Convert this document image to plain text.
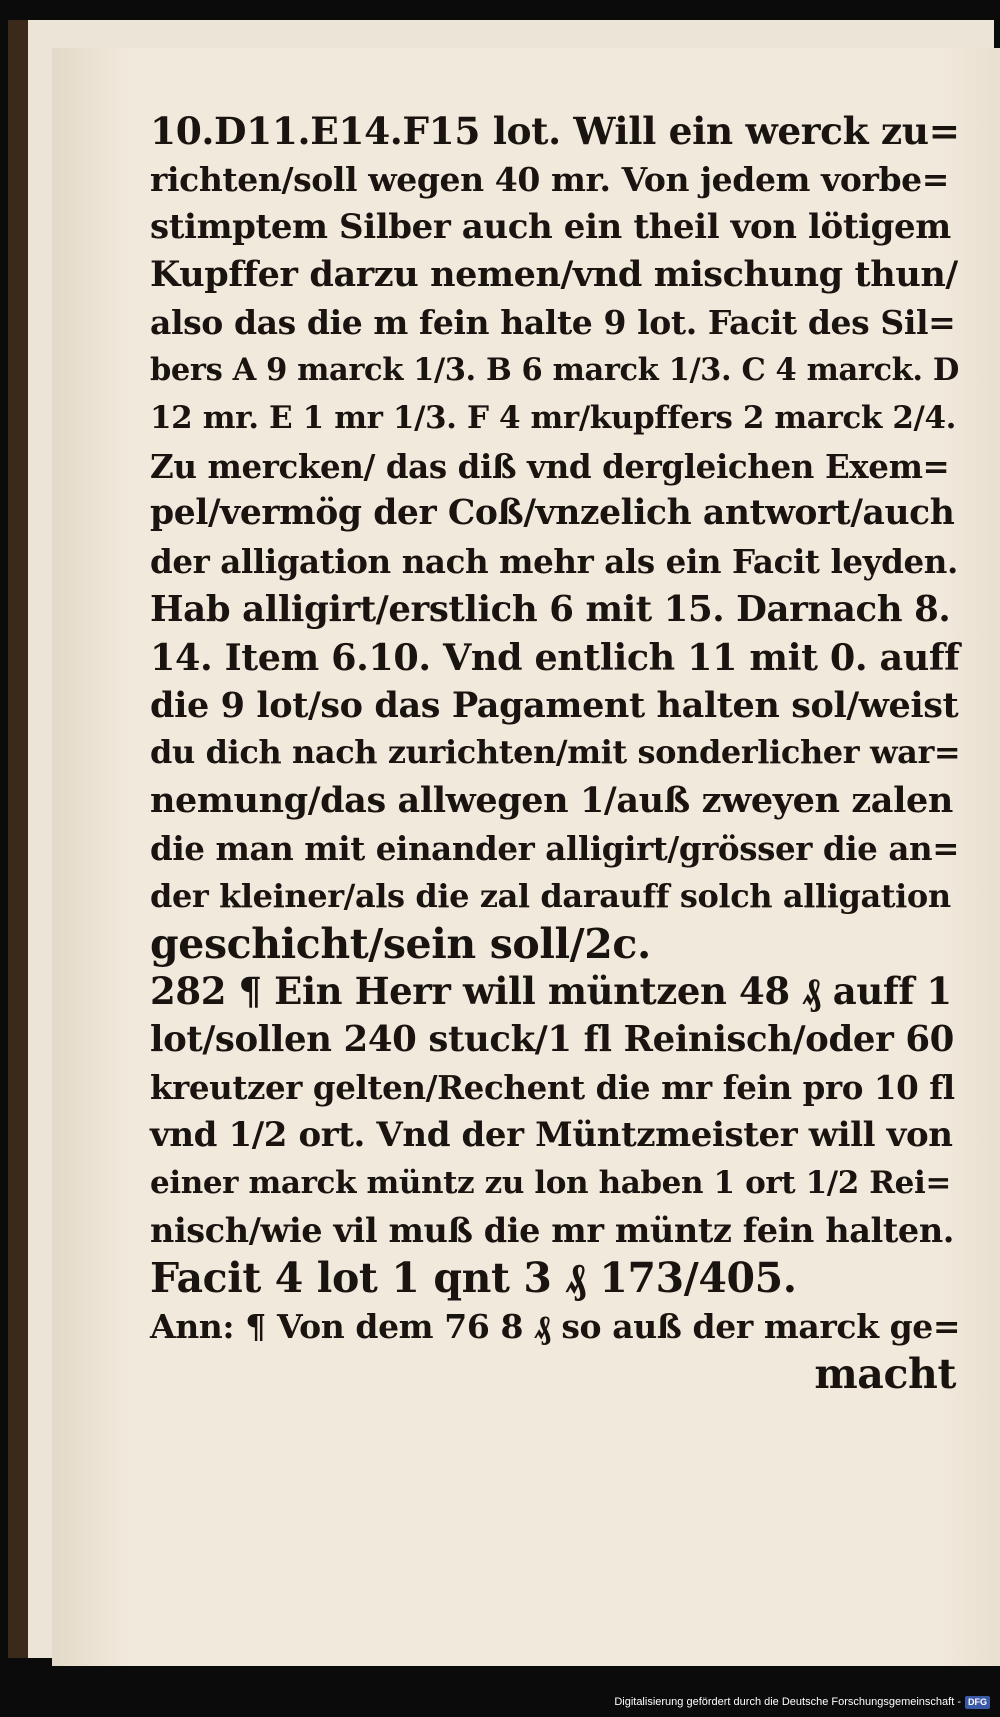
10.D11.E14.F15 lot. Will ein werck zu=
richten/soll wegen 40 mr. Von jedem vorbe=
stimptem Silber auch ein theil von lötigem
Kupffer darzu nemen/vnd mischung thun/
also das die m fein halte 9 lot. Facit des Sil=
bers A 9 marck 1/3. B 6 marck 1/3. C 4 marck. D
12 mr. E 1 mr 1/3. F 4 mr/kupffers 2 marck 2/4.
Zu mercken/ das diß vnd dergleichen Exem=
pel/vermög der Coß/vnzelich antwort/auch
der alligation nach mehr als ein Facit leyden.
Hab alligirt/erstlich 6 mit 15. Darnach 8.
14. Item 6.10. Vnd entlich 11 mit 0. auff
die 9 lot/so das Pagament halten sol/weist
du dich nach zurichten/mit sonderlicher war=
nemung/das allwegen 1/auß zweyen zalen
die man mit einander alligirt/grösser die an=
der kleiner/als die zal darauff solch alligation
geschicht/sein soll/2c.
282 ¶ Ein Herr will müntzen 48 ₰ auff 1
lot/sollen 240 stuck/1 fl Reinisch/oder 60
kreutzer gelten/Rechent die mr fein pro 10 fl
vnd 1/2 ort. Vnd der Müntzmeister will von
einer marck müntz zu lon haben 1 ort 1/2 Rei=
nisch/wie vil muß die mr müntz fein halten.
Facit 4 lot 1 qnt 3 ₰ 173/405.
Ann: ¶ Von dem 76 8 ₰ so auß der marck ge=
macht
Digitalisierung gefördert durch die Deutsche Forschungsgemeinschaft - DFG
